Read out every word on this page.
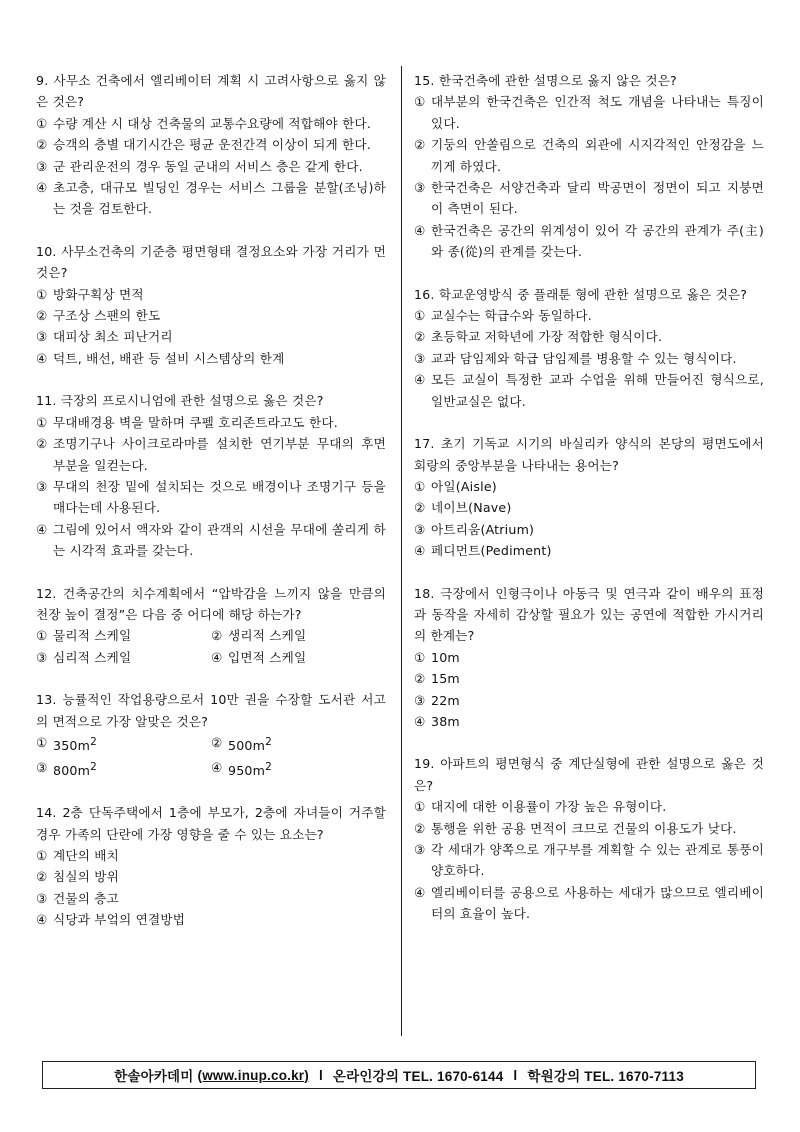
9. 사무소 건축에서 엘리베이터 계획 시 고려사항으로 옳지 않은 것은?

① 수량 계산 시 대상 건축물의 교통수요량에 적합해야 한다.
② 승객의 층별 대기시간은 평균 운전간격 이상이 되게 한다.
③ 군 관리운전의 경우 동일 군내의 서비스 층은 같게 한다.
④ 초고층, 대규모 빌딩인 경우는 서비스 그룹을 분할(조닝)하는 것을 검토한다.

10. 사무소건축의 기준층 평면형태 결정요소와 가장 거리가 먼 것은?

① 방화구획상 면적
② 구조상 스팬의 한도
③ 대피상 최소 피난거리
④ 덕트, 배선, 배관 등 설비 시스템상의 한계

11. 극장의 프로시니엄에 관한 설명으로 옳은 것은?

① 무대배경용 벽을 말하며 쿠펠 호리존트라고도 한다.
② 조명기구나 사이크로라마를 설치한 연기부분 무대의 후면 부분을 일컫는다.
③ 무대의 천장 밑에 설치되는 것으로 배경이나 조명기구 등을 매다는데 사용된다.
④ 그림에 있어서 액자와 같이 관객의 시선을 무대에 쏠리게 하는 시각적 효과를 갖는다.

12. 건축공간의 치수계획에서 “압박감을 느끼지 않을 만큼의 천장 높이 결정”은 다음 중 어디에 해당 하는가?

① 물리적 스케일	② 생리적 스케일
③ 심리적 스케일	④ 입면적 스케일

13. 능률적인 작업용량으로서 10만 권을 수장할 도서관 서고의 면적으로 가장 알맞은 것은?

① $350m^2$	② $500m^2$
③ $800m^2$	④ $950m^2$

14. 2층 단독주택에서 1층에 부모가, 2층에 자녀들이 거주할 경우 가족의 단란에 가장 영향을 줄 수 있는 요소는?

① 계단의 배치
② 침실의 방위
③ 건물의 층고
④ 식당과 부엌의 연결방법

15. 한국건축에 관한 설명으로 옳지 않은 것은?

① 대부분의 한국건축은 인간적 척도 개념을 나타내는 특징이 있다.
② 기둥의 안쏠림으로 건축의 외관에 시지각적인 안정감을 느끼게 하였다.
③ 한국건축은 서양건축과 달리 박공면이 정면이 되고 지붕면이 측면이 된다.
④ 한국건축은 공간의 위계성이 있어 각 공간의 관계가 주(主)와 종(從)의 관계를 갖는다.

16. 학교운영방식 중 플래툰 형에 관한 설명으로 옳은 것은?

① 교실수는 학급수와 동일하다.
② 초등학교 저학년에 가장 적합한 형식이다.
③ 교과 담임제와 학급 담임제를 병용할 수 있는 형식이다.
④ 모든 교실이 특정한 교과 수업을 위해 만들어진 형식으로, 일반교실은 없다.

17. 초기 기독교 시기의 바실리카 양식의 본당의 평면도에서 회랑의 중앙부분을 나타내는 용어는?

① 아일(Aisle)
② 네이브(Nave)
③ 아트리움(Atrium)
④ 페디먼트(Pediment)

18. 극장에서 인형극이나 아동극 및 연극과 같이 배우의 표정과 동작을 자세히 감상할 필요가 있는 공연에 적합한 가시거리의 한계는?

① 10m
② 15m
③ 22m
④ 38m

19. 아파트의 평면형식 중 계단실형에 관한 설명으로 옳은 것은?

① 대지에 대한 이용률이 가장 높은 유형이다.
② 통행을 위한 공용 면적이 크므로 건물의 이용도가 낮다.
③ 각 세대가 양쪽으로 개구부를 계획할 수 있는 관계로 통풍이 양호하다.
④ 엘리베이터를 공용으로 사용하는 세대가 많으므로 엘리베이터의 효율이 높다.
한솔아카데미
(www.inup.co.kr) l 온라인강의 TEL. 1670-6144 l 학원강의 TEL. 1670-7113
